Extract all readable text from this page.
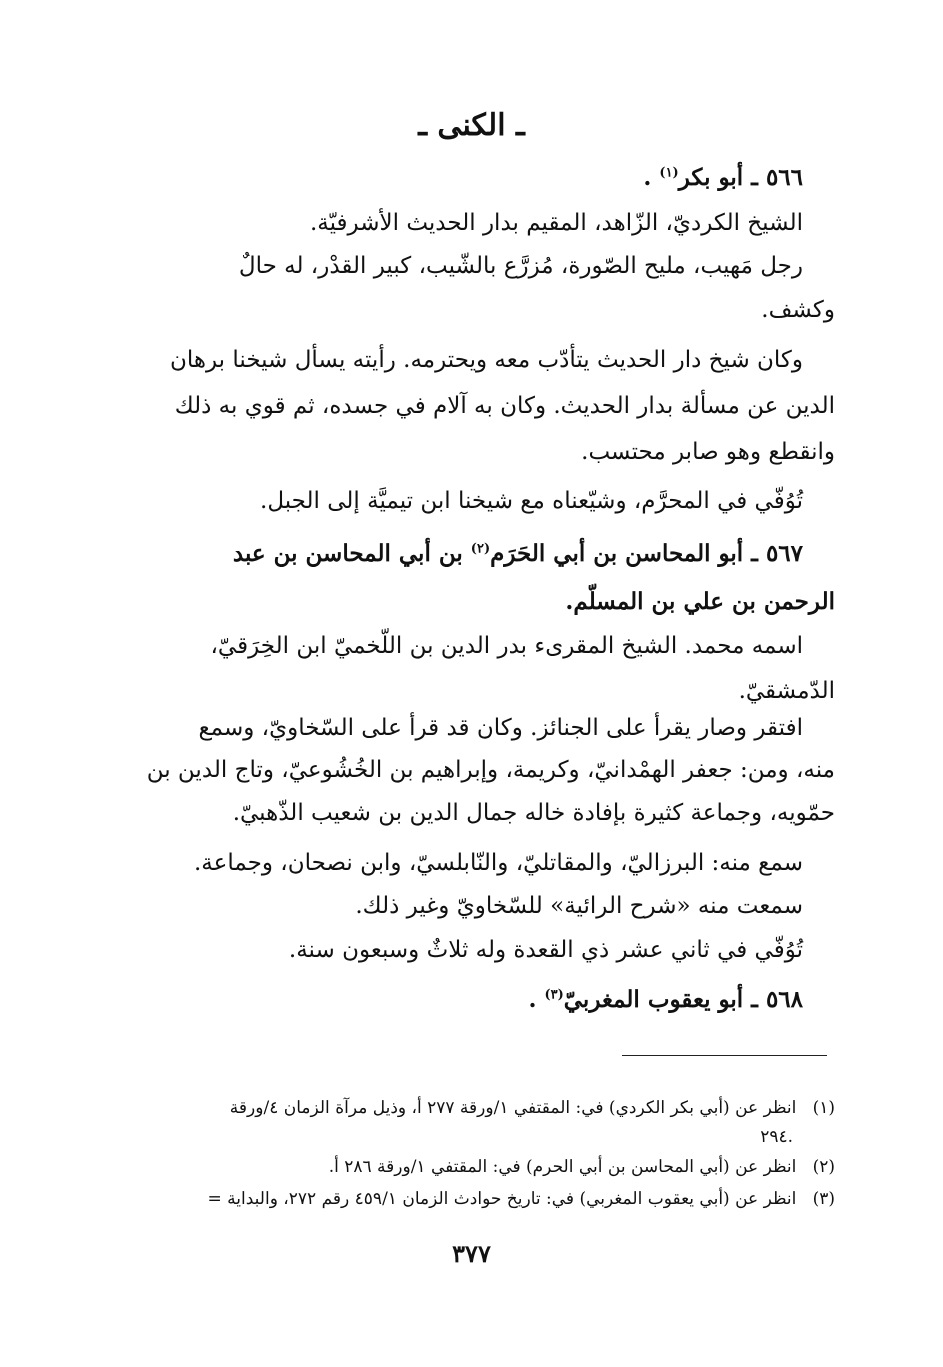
ـ الكنى ـ
٥٦٦ ـ أبو بكر$^{(١)}$ .
الشيخ الكرديّ، الزّاهد، المقيم بدار الحديث الأشرفيّة.
رجل مَهيب، مليح الصّورة، مُزرَّع بالشّيب، كبير القدْر، له حالٌ
وكشف.
وكان شيخ دار الحديث يتأدّب معه ويحترمه. رأيته يسأل شيخنا برهان
الدين عن مسألة بدار الحديث. وكان به آلام في جسده، ثم قوي به ذلك
وانقطع وهو صابر محتسب.
تُوُفّي في المحرَّم، وشيّعناه مع شيخنا ابن تيميَّة إلى الجبل.
٥٦٧ ـ أبو المحاسن بن أبي الحَرَم$^{(٢)}$ بن أبي المحاسن بن عبد
الرحمن بن علي بن المسلّم.
اسمه محمد. الشيخ المقرىء بدر الدين بن اللّخميّ ابن الخِرَقيّ،
الدّمشقيّ.
افتقر وصار يقرأ على الجنائز. وكان قد قرأ على السّخاويّ، وسمع
منه، ومن: جعفر الهمْدانيّ، وكريمة، وإبراهيم بن الخُشُوعيّ، وتاج الدين بن
حمّويه، وجماعة كثيرة بإفادة خاله جمال الدين بن شعيب الذّهبيّ.
سمع منه: البرزاليّ، والمقاتليّ، والنّابلسيّ، وابن نصحان، وجماعة.
سمعت منه «شرح الرائية» للسّخاويّ وغير ذلك.
تُوُفّي في ثاني عشر ذي القعدة وله ثلاثٌ وسبعون سنة.
٥٦٨ ـ أبو يعقوب المغربيّ$^{(٣)}$ .
(١)   انظر عن (أبي بكر الكردي) في: المقتفي ١/ورقة ٢٧٧ أ، وذيل مرآة الزمان ٤/ورقة
٢٩٤.
(٢)   انظر عن (أبي المحاسن بن أبي الحرم) في: المقتفي ١/ورقة ٢٨٦ أ.
(٣)   انظر عن (أبي يعقوب المغربي) في: تاريخ حوادث الزمان ٤٥٩/١ رقم ٢٧٢، والبداية =
٣٧٧
